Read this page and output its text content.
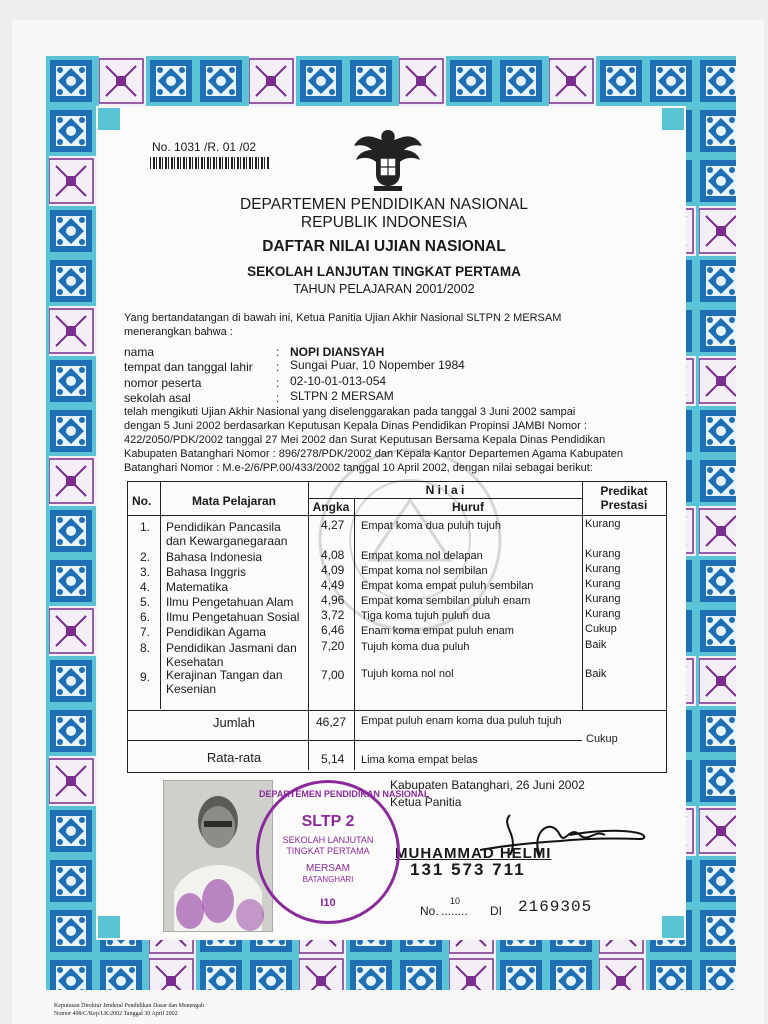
No. 1031 /R. 01 /02
DEPARTEMEN PENDIDIKAN NASIONAL
REPUBLIK INDONESIA
DAFTAR NILAI UJIAN NASIONAL
SEKOLAH LANJUTAN TINGKAT PERTAMA
TAHUN PELAJARAN 2001/2002
Yang bertandatangan di bawah ini, Ketua Panitia Ujian Akhir Nasional SLTPN 2 MERSAM
menerangkan bahwa :
nama	: NOPI DIANSYAH
tempat dan tanggal lahir : Sungai Puar, 10 Nopember 1984
nomor peserta	: 02-10-01-013-054
sekolah asal	: SLTPN 2 MERSAM
telah mengikuti Ujian Akhir Nasional yang diselenggarakan pada tanggal 3 Juni 2002 sampai
dengan 5 Juni 2002 berdasarkan Keputusan Kepala Dinas Pendidikan Propinsi JAMBI Nomor :
422/2050/PDK/2002 tanggal 27 Mei 2002 dan Surat Keputusan Bersama Kepala Dinas Pendidikan
Kabupaten Batanghari Nomor : 896/278/PDK/2002 dan Kepala Kantor Departemen Agama Kabupaten
Batanghari Nomor : M.e-2/6/PP.00/433/2002 tanggal 10 April 2002, dengan nilai sebagai berikut:
No.	Mata Pelajaran
N i l a i
Angka	Huruf
Predikat
Prestasi
1. Pendidikan Pancasila
dan Kewarganegaraan
4,27 Empat koma dua puluh tujuh	Kurang
2. Bahasa Indonesia	4,08 Empat koma nol delapan	Kurang
3. Bahasa Inggris	4,09 Empat koma nol sembilan	Kurang
4. Matematika	4,49 Empat koma empat puluh sembilan	Kurang
5. Ilmu Pengetahuan Alam 4,96 Empat koma sembilan puluh enam	Kurang
6. Ilmu Pengetahuan Sosial 3,72 Tiga koma tujuh puluh dua	Kurang
7. Pendidikan Agama	6,46 Enam koma empat puluh enam	Cukup
8. Pendidikan Jasmani dan
Kesehatan
7,20 Tujuh koma dua puluh	Baik
9. Kerajinan Tangan dan
Kesenian
7,00 Tujuh koma nol nol	Baik
Jumlah	46,27 Empat puluh enam koma dua puluh tujuh
Rata-rata	5,14 Lima koma empat belas
Cukup
Kabupaten Batanghari, 26 Juni 2002
Ketua Panitia
MUHAMMAD HELMI
131 573 711
DEPARTEMEN PENDIDIKAN NASIONAL
SLTP 2
SEKOLAH LANJUTAN
TINGKAT PERTAMA
MERSAM
BATANGHARI
I10
No.
10
........ DI 2169305
Keputusan Direktur Jenderal Pendidikan Dasar dan Menengah
Nomor 498/C/Kep/LK/2002 Tanggal 30 April 2002
